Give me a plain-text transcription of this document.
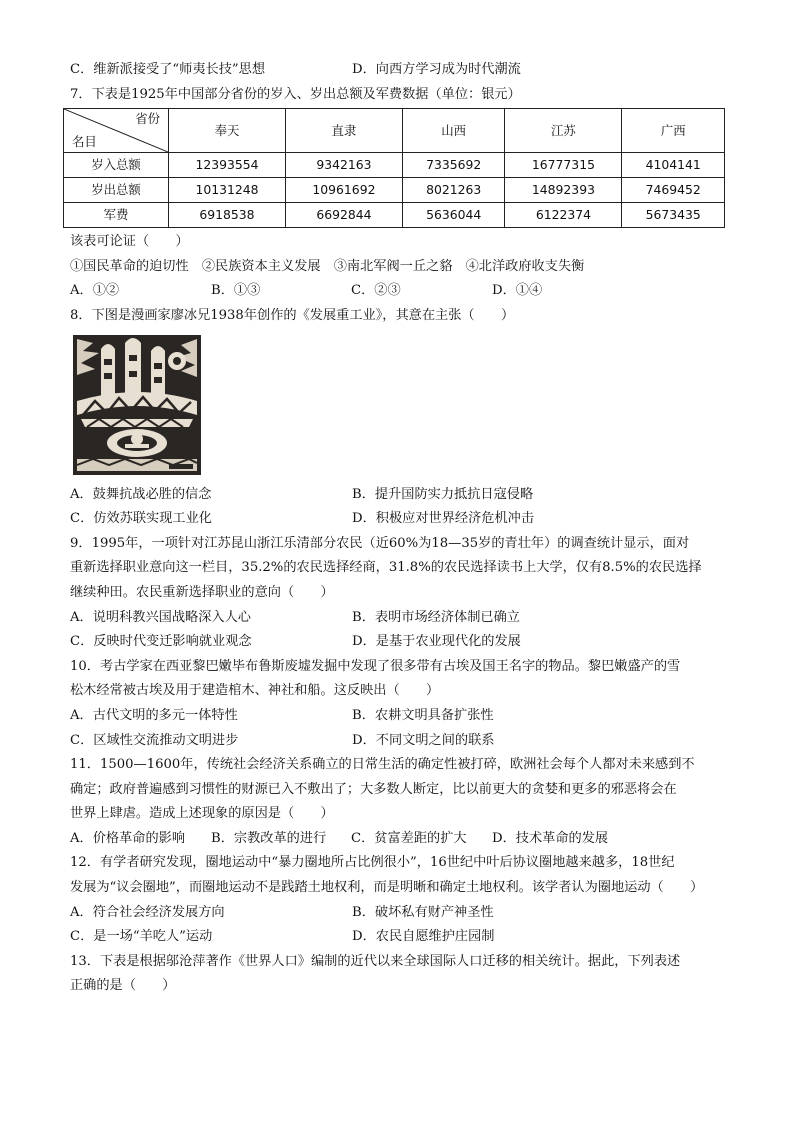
C．维新派接受了“师夷长技”思想	D．向西方学习成为时代潮流

7．下表是1925年中国部分省份的岁入、岁出总额及军费数据（单位：银元）

省份
名目	奉天	直隶	山西	江苏	广西
岁入总额	12393554	9342163	7335692	16777315	4104141
岁出总额	10131248	10961692	8021263	14892393	7469452
军费	6918538	6692844	5636044	6122374	5673435

该表可论证（　　）

①国民革命的迫切性　②民族资本主义发展　③南北军阀一丘之貉　④北洋政府收支失衡

A．①②	B．①③	C．②③	D．①④

8．下图是漫画家廖冰兄1938年创作的《发展重工业》，其意在主张（　　）

A．鼓舞抗战必胜的信念	B．提升国防实力抵抗日寇侵略
C．仿效苏联实现工业化	D．积极应对世界经济危机冲击

9．1995年，一项针对江苏昆山浙江乐清部分农民（近60%为18—35岁的青壮年）的调查统计显示，面对

重新选择职业意向这一栏目，35.2%的农民选择经商，31.8%的农民选择读书上大学，仅有8.5%的农民选择

继续种田。农民重新选择职业的意向（　　）

A．说明科教兴国战略深入人心	B．表明市场经济体制已确立
C．反映时代变迁影响就业观念	D．是基于农业现代化的发展

10．考古学家在西亚黎巴嫩毕布鲁斯废墟发掘中发现了很多带有古埃及国王名字的物品。黎巴嫩盛产的雪

松木经常被古埃及用于建造棺木、神社和船。这反映出（　　）

A．古代文明的多元一体特性	B．农耕文明具备扩张性
C．区域性交流推动文明进步	D．不同文明之间的联系

11．1500—1600年，传统社会经济关系确立的日常生活的确定性被打碎，欧洲社会每个人都对未来感到不

确定；政府普遍感到习惯性的财源已入不敷出了；大多数人断定，比以前更大的贪婪和更多的邪恶将会在

世界上肆虐。造成上述现象的原因是（　　）

A．价格革命的影响	B．宗教改革的进行	C．贫富差距的扩大	D．技术革命的发展

12．有学者研究发现，圈地运动中“暴力圈地所占比例很小”，16世纪中叶后协议圈地越来越多，18世纪

发展为“议会圈地”，而圈地运动不是践踏土地权利，而是明晰和确定土地权利。该学者认为圈地运动（　　）

A．符合社会经济发展方向	B．破坏私有财产神圣性
C．是一场“羊吃人”运动	D．农民自愿维护庄园制

13．下表是根据邬沧萍著作《世界人口》编制的近代以来全球国际人口迁移的相关统计。据此，下列表述

正确的是（　　）
